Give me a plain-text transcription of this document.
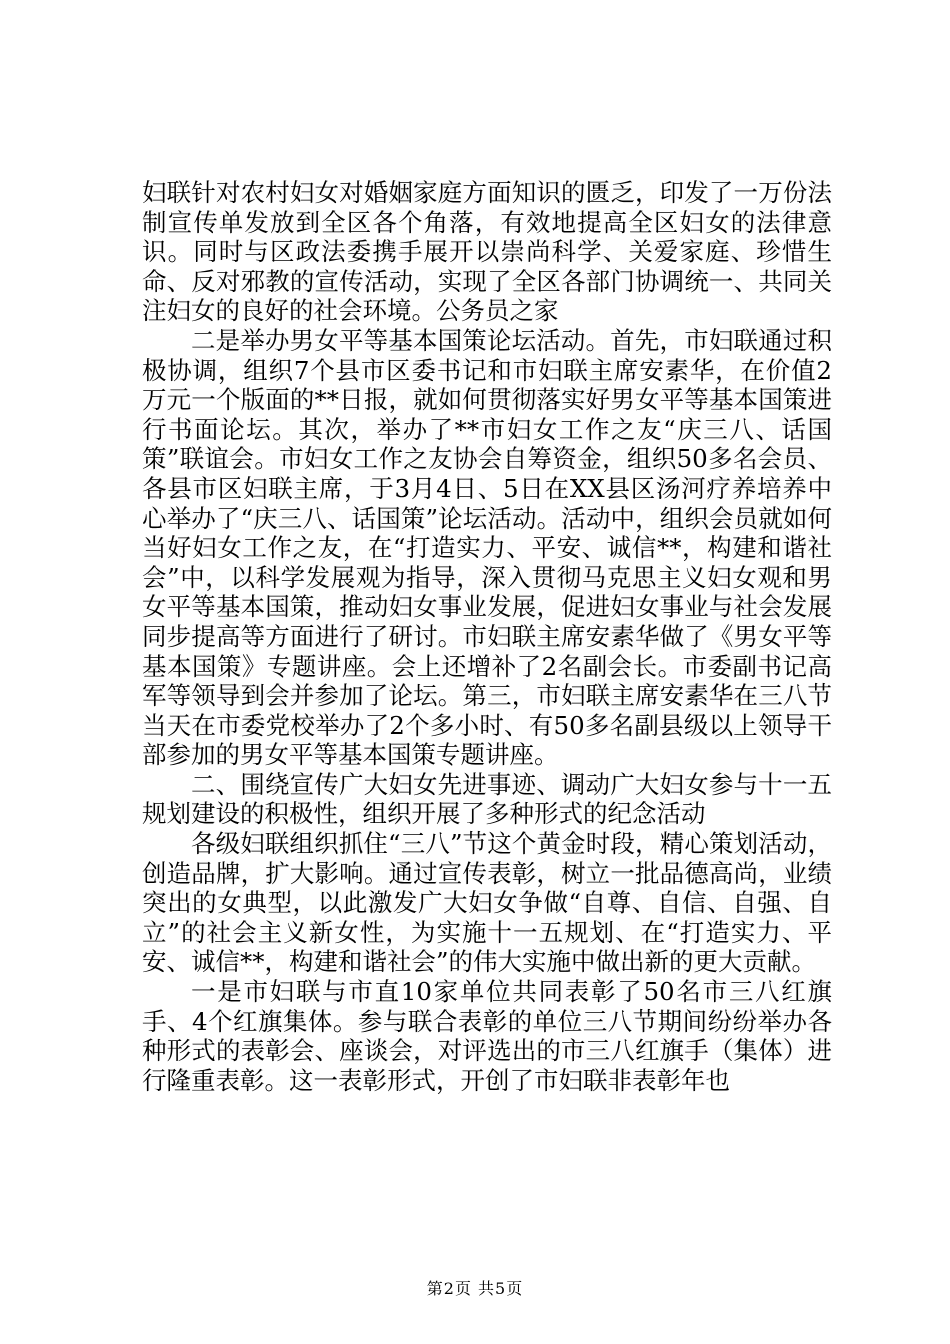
妇联针对农村妇女对婚姻家庭方面知识的匮乏，印发了一万份法制宣传单发放到全区各个角落，有效地提高全区妇女的法律意识。同时与区政法委携手展开以崇尚科学、关爱家庭、珍惜生命、反对邪教的宣传活动，实现了全区各部门协调统一、共同关注妇女的良好的社会环境。公务员之家

二是举办男女平等基本国策论坛活动。首先，市妇联通过积极协调，组织7个县市区委书记和市妇联主席安素华，在价值2万元一个版面的**日报，就如何贯彻落实好男女平等基本国策进行书面论坛。其次，举办了**市妇女工作之友“庆三八、话国策”联谊会。市妇女工作之友协会自筹资金，组织50多名会员、各县市区妇联主席，于3月4日、5日在XX县区汤河疗养培养中心举办了“庆三八、话国策”论坛活动。活动中，组织会员就如何当好妇女工作之友，在“打造实力、平安、诚信**，构建和谐社会”中，以科学发展观为指导，深入贯彻马克思主义妇女观和男女平等基本国策，推动妇女事业发展，促进妇女事业与社会发展同步提高等方面进行了研讨。市妇联主席安素华做了《男女平等基本国策》专题讲座。会上还增补了2名副会长。市委副书记高军等领导到会并参加了论坛。第三，市妇联主席安素华在三八节当天在市委党校举办了2个多小时、有50多名副县级以上领导干部参加的男女平等基本国策专题讲座。

二、围绕宣传广大妇女先进事迹、调动广大妇女参与十一五规划建设的积极性，组织开展了多种形式的纪念活动

各级妇联组织抓住“三八”节这个黄金时段，精心策划活动，创造品牌，扩大影响。通过宣传表彰，树立一批品德高尚，业绩突出的女典型，以此激发广大妇女争做“自尊、自信、自强、自立”的社会主义新女性，为实施十一五规划、在“打造实力、平安、诚信**，构建和谐社会”的伟大实施中做出新的更大贡献。

一是市妇联与市直10家单位共同表彰了50名市三八红旗手、4个红旗集体。参与联合表彰的单位三八节期间纷纷举办各种形式的表彰会、座谈会，对评选出的市三八红旗手（集体）进行隆重表彰。这一表彰形式，开创了市妇联非表彰年也

第2页 共5页
